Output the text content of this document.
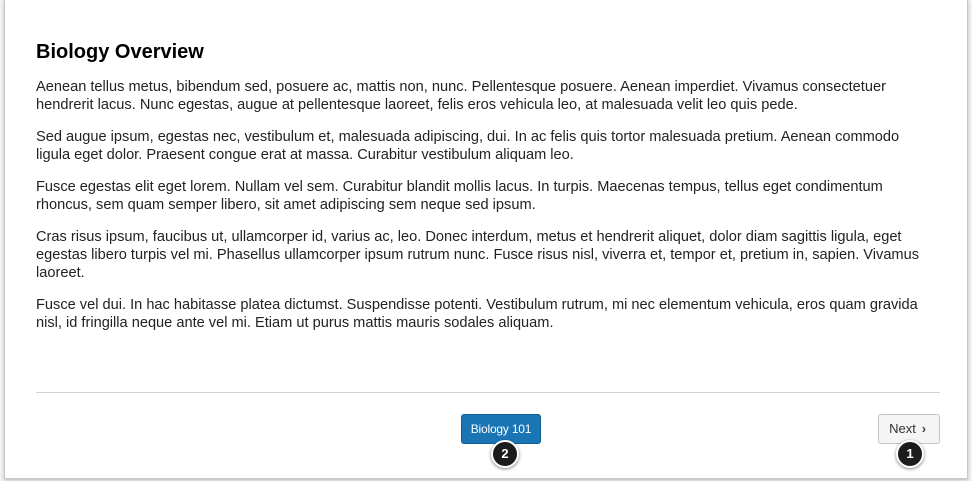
Biology Overview

Aenean tellus metus, bibendum sed, posuere ac, mattis non, nunc. Pellentesque posuere. Aenean imperdiet. Vivamus consectetuer hendrerit lacus. Nunc egestas, augue at pellentesque laoreet, felis eros vehicula leo, at malesuada velit leo quis pede.

Sed augue ipsum, egestas nec, vestibulum et, malesuada adipiscing, dui. In ac felis quis tortor malesuada pretium. Aenean commodo ligula eget dolor. Praesent congue erat at massa. Curabitur vestibulum aliquam leo.

Fusce egestas elit eget lorem. Nullam vel sem. Curabitur blandit mollis lacus. In turpis. Maecenas tempus, tellus eget condimentum rhoncus, sem quam semper libero, sit amet adipiscing sem neque sed ipsum.

Cras risus ipsum, faucibus ut, ullamcorper id, varius ac, leo. Donec interdum, metus et hendrerit aliquet, dolor diam sagittis ligula, eget egestas libero turpis vel mi. Phasellus ullamcorper ipsum rutrum nunc. Fusce risus nisl, viverra et, tempor et, pretium in, sapien. Vivamus laoreet.

Fusce vel dui. In hac habitasse platea dictumst. Suspendisse potenti. Vestibulum rutrum, mi nec elementum vehicula, eros quam gravida nisl, id fringilla neque ante vel mi. Etiam ut purus mattis mauris sodales aliquam.

Biology 101	Next ›
2	1
